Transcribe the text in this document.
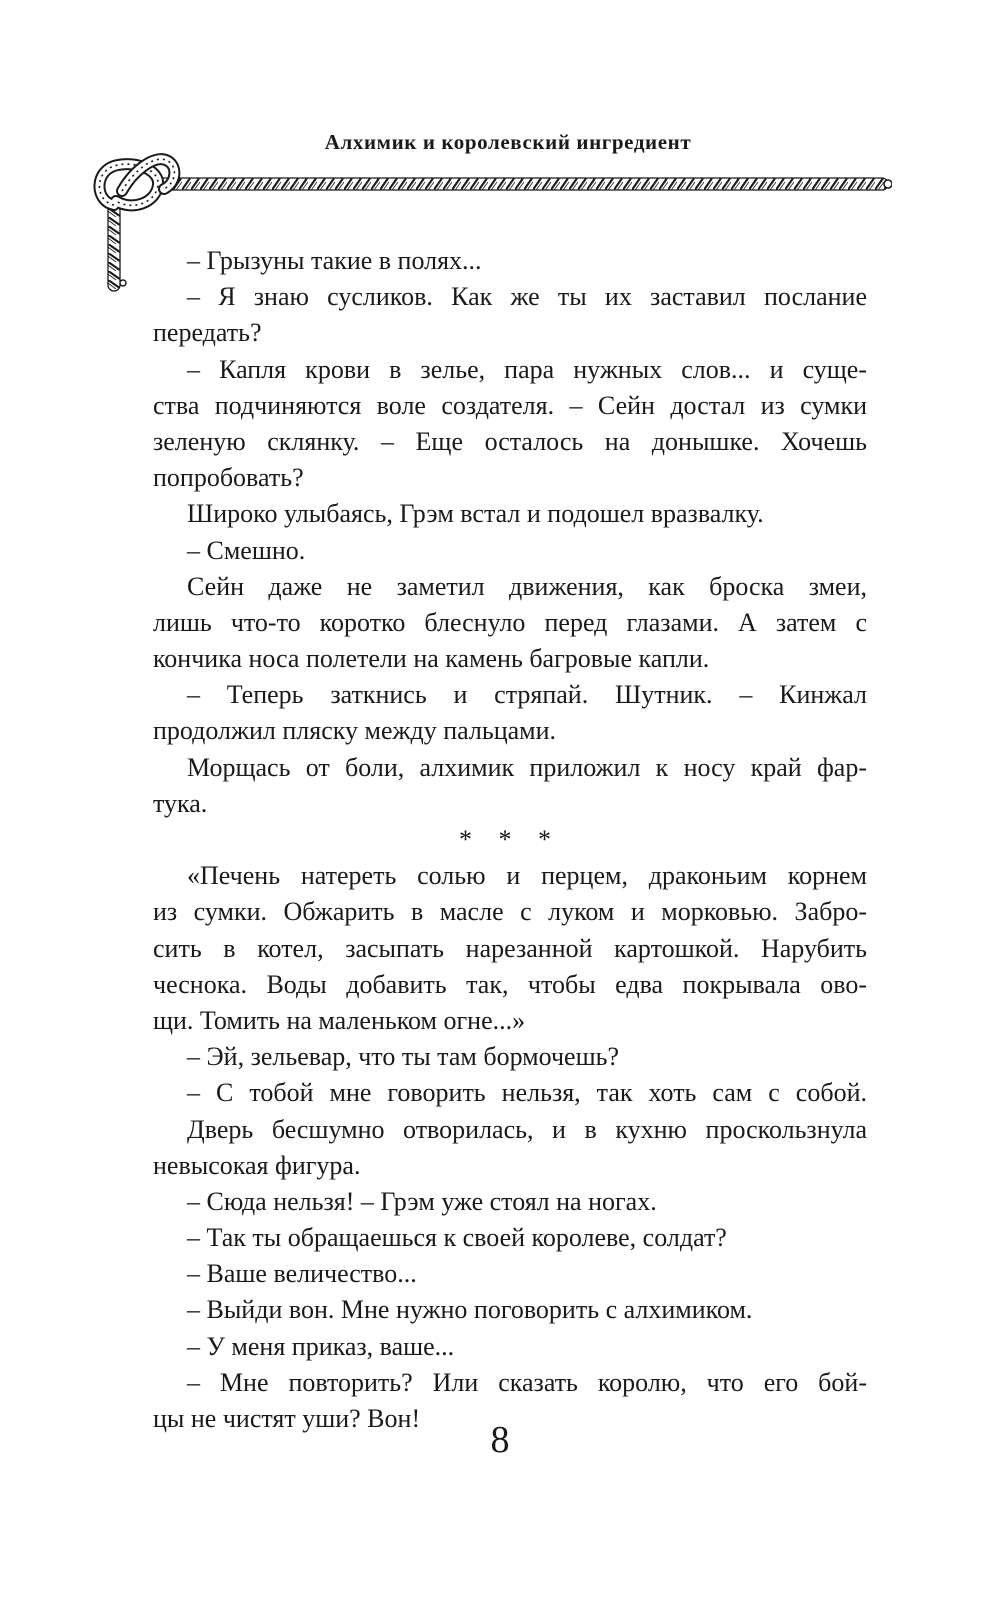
Алхимик и королевский ингредиент
– Грызуны такие в полях...
– Я знаю сусликов. Как же ты их заставил послание
передать?
– Капля крови в зелье, пара нужных слов... и суще-
ства подчиняются воле создателя. – Сейн достал из сумки
зеленую склянку. – Еще осталось на донышке. Хочешь
попробовать?
Широко улыбаясь, Грэм встал и подошел вразвалку.
– Смешно.
Сейн даже не заметил движения, как броска змеи,
лишь что-то коротко блеснуло перед глазами. А затем с
кончика носа полетели на камень багровые капли.
– Теперь заткнись и стряпай. Шутник. – Кинжал
продолжил пляску между пальцами.
Морщась от боли, алхимик приложил к носу край фар-
тука.
* * *
«Печень натереть солью и перцем, драконьим корнем
из сумки. Обжарить в масле с луком и морковью. Забро-
сить в котел, засыпать нарезанной картошкой. Нарубить
чеснока. Воды добавить так, чтобы едва покрывала ово-
щи. Томить на маленьком огне...»
– Эй, зельевар, что ты там бормочешь?
– С тобой мне говорить нельзя, так хоть сам с собой.
Дверь бесшумно отворилась, и в кухню проскользнула
невысокая фигура.
– Сюда нельзя! – Грэм уже стоял на ногах.
– Так ты обращаешься к своей королеве, солдат?
– Ваше величество...
– Выйди вон. Мне нужно поговорить с алхимиком.
– У меня приказ, ваше...
– Мне повторить? Или сказать королю, что его бой-
цы не чистят уши? Вон!
8
